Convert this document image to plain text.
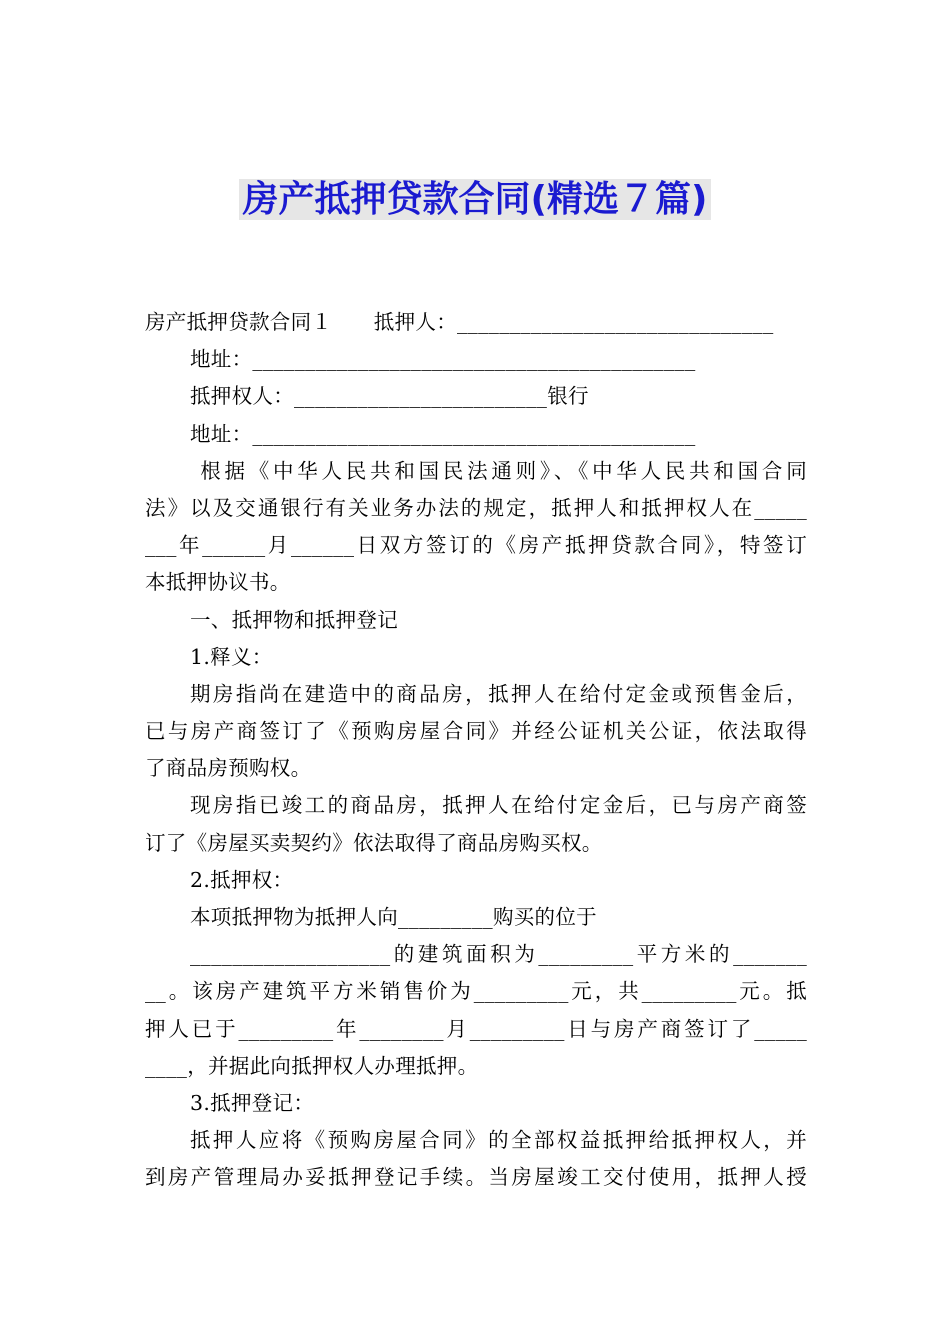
房产抵押贷款合同(精选７篇)
房产抵押贷款合同１　　抵押人：______________________________
地址：__________________________________________
抵押权人：________________________银行
地址：__________________________________________
根据《中华人民共和国民法通则》、《中华人民共和国合同
法》以及交通银行有关业务办法的规定，抵押人和抵押权人在_____
___年______月______日双方签订的《房产抵押贷款合同》，特签订
本抵押协议书。
一、抵押物和抵押登记
1.释义：
期房指尚在建造中的商品房，抵押人在给付定金或预售金后，
已与房产商签订了《预购房屋合同》并经公证机关公证，依法取得
了商品房预购权。
现房指已竣工的商品房，抵押人在给付定金后，已与房产商签
订了《房屋买卖契约》依法取得了商品房购买权。
2.抵押权：
本项抵押物为抵押人向_________购买的位于
___________________的建筑面积为_________平方米的_______
__。该房产建筑平方米销售价为_________元，共_________元。抵
押人已于_________年________月_________日与房产商签订了_____
____，并据此向抵押权人办理抵押。
3.抵押登记：
抵押人应将《预购房屋合同》的全部权益抵押给抵押权人，并
到房产管理局办妥抵押登记手续。当房屋竣工交付使用，抵押人授
